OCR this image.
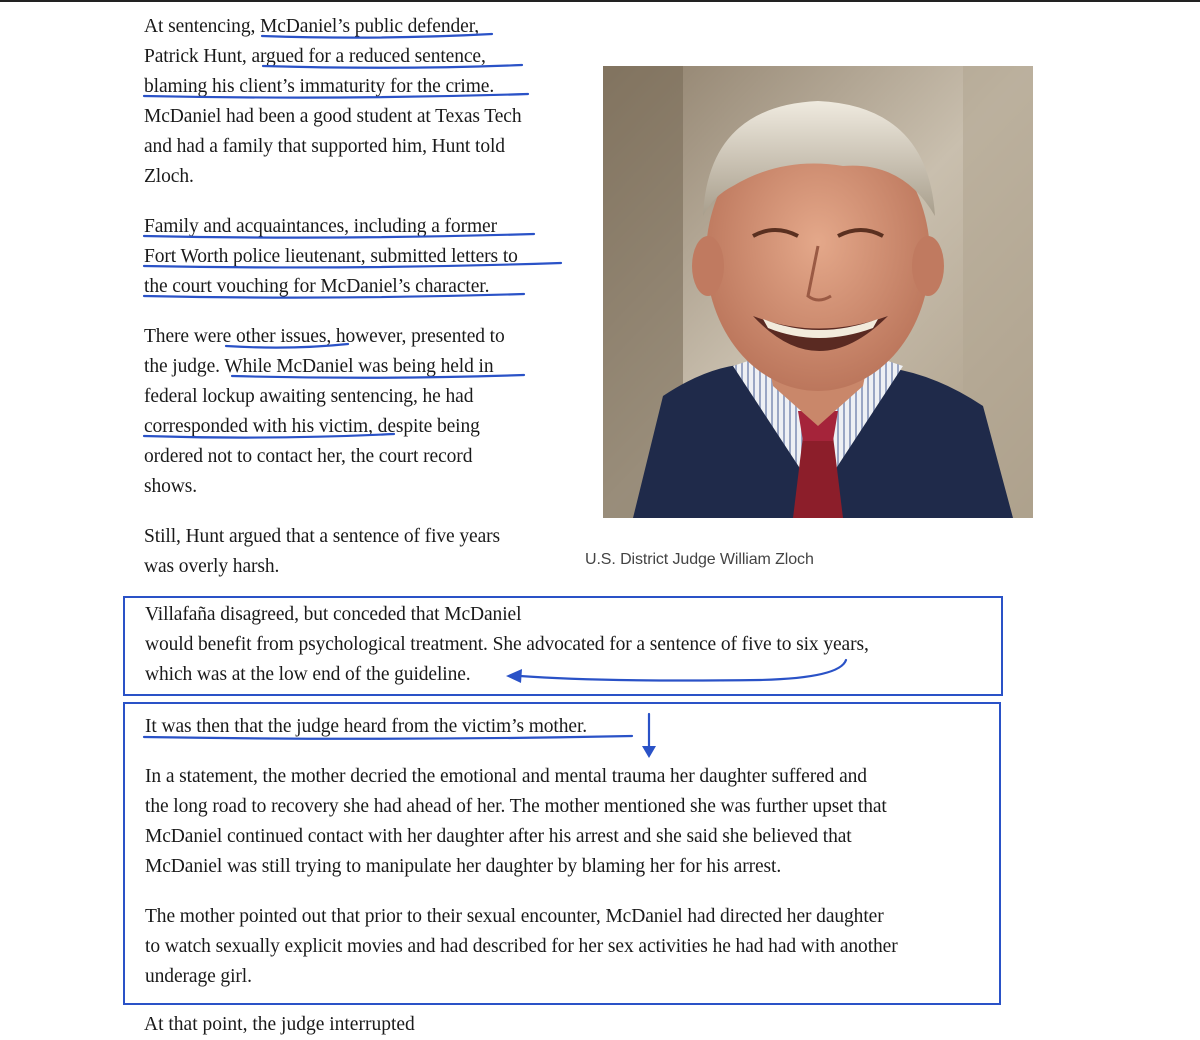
At sentencing, McDaniel’s public defender,
Patrick Hunt, argued for a reduced sentence,
blaming his client’s immaturity for the crime.
McDaniel had been a good student at Texas Tech
and had a family that supported him, Hunt told
Zloch.

Family and acquaintances, including a former
Fort Worth police lieutenant, submitted letters to
the court vouching for McDaniel’s character.

There were other issues, however, presented to
the judge. While McDaniel was being held in
federal lockup awaiting sentencing, he had
corresponded with his victim, despite being
ordered not to contact her, the court record
shows.

Still, Hunt argued that a sentence of five years
was overly harsh.	U.S. District Judge William Zloch

Villafaña disagreed, but conceded that McDaniel
would benefit from psychological treatment. She advocated for a sentence of five to six years,
which was at the low end of the guideline.

It was then that the judge heard from the victim’s mother.

In a statement, the mother decried the emotional and mental trauma her daughter suffered and
the long road to recovery she had ahead of her. The mother mentioned she was further upset that
McDaniel continued contact with her daughter after his arrest and she said she believed that
McDaniel was still trying to manipulate her daughter by blaming her for his arrest.

The mother pointed out that prior to their sexual encounter, McDaniel had directed her daughter
to watch sexually explicit movies and had described for her sex activities he had had with another
underage girl.

At that point, the judge interrupted
